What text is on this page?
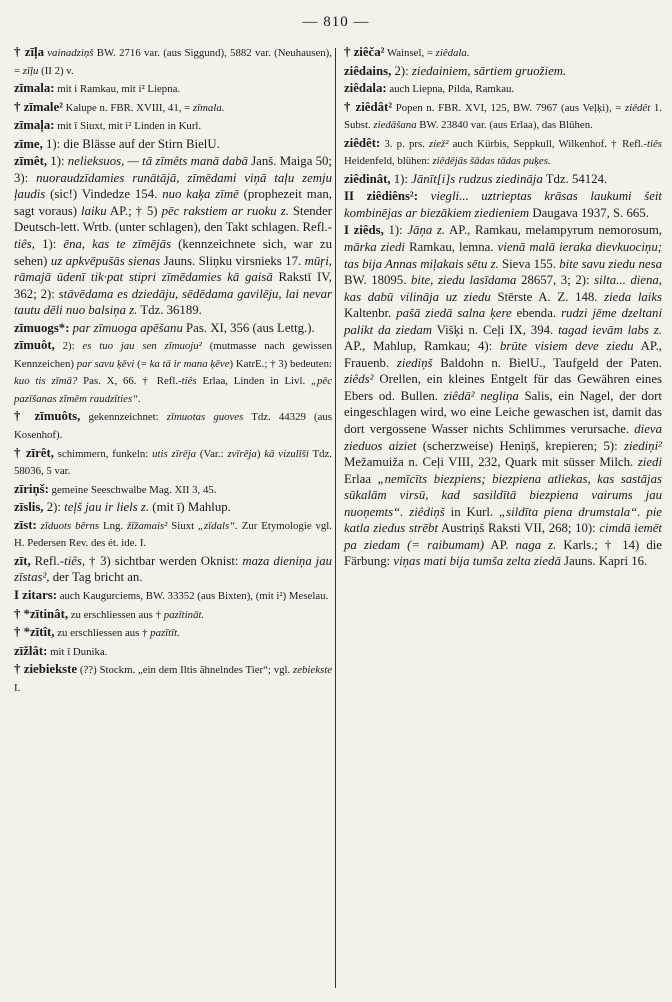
— 810 —

† zīļa vainadziņš BW. 2716 var. (aus Siggund), 5882 var. (Neuhausen), = zīļu (II 2) v.

zīmala: mit i Ramkau, mit i² Liepna.

† zīmale² Kalupe n. FBR. XVIII, 41, = zīmala.

zīmaļa: mit ī Siuxt, mit i² Linden in Kurl.

zīme, 1): die Blässe auf der Stirn BielU.

zīmêt, 1): nelieksuos, — tā zīmêts manā dabā Janš. Maiga 50; 3): nuoraudzīdamies runātājā, zīmēdami viņā taļu zemju ļaudis (sic!) Vindedze 154. nuo kaķa zīmē (prophezeit man, sagt voraus) laiku AP.; † 5) pēc rakstiem ar ruoku z. Stender Deutsch-lett. Wrtb. (unter schlagen), den Takt schlagen. Refl.-tiês, 1): ēna, kas te zīmējās (kennzeichnete sich, war zu sehen) uz apkvēpušās sienas Jauns. Sliņku virsnieks 17. mūŗi, rāmajā ūdenī tik·pat stipri zīmēdamies kā gaisā Rakstī IV, 362; 2): stāvēdama es dziedāju, sēdēdama gavilēju, lai nevar tautu dēli nuo balsiņa z. Tdz. 36189.

zīmuogs*: par zīmuoga apēšanu Pas. XI, 356 (aus Lettg.).

zīmuôt, 2): es tuo jau sen zīmuoju² (mutmasse nach gewissen Kennzeichen) par savu ķēvi (= ka tā ir mana ķēve) KatrE.; † 3) bedeuten: kuo tis zīmā? Pas. X, 66. † Refl.-tiês Erlaa, Linden in Livl. „pēc pazīšanas zīmēm raudzīties“.

† zīmuôts, gekennzeichnet: zīmuotas guoves Tdz. 44329 (aus Kosenhof).

† zīrêt, schimmern, funkeln: utis zīrēja (Var.: zvīrēja) kā vizulīši Tdz. 58036, 5 var.

zīriņš: gemeine Seeschwalbe Mag. XII 3, 45.

zīslis, 2): teļš jau ir liels z. (mit ī) Mahlup.

zīst: zīduots bērns Lng. žīžamais² Siuxt „zīdals“. Zur Etymologie vgl. H. Pedersen Rev. des ét. ide. I.

zīt, Refl.-tiês, † 3) sichtbar werden Oknist: maza dieniņa jau zīstas², der Tag bricht an.

I zitars: auch Kaugurciems, BW. 33352 (aus Bixten), (mit i²) Meselau.

† *zītinât, zu erschliessen aus † pazītināt.

† *zītît, zu erschliessen aus † pazītīt.

zīžlât: mit ī Dunika.

† ziebiekste (??) Stockm. „ein dem Iltis ähnelndes Tier“; vgl. zebiekste I.

† ziêča² Wainsel, = ziêdala.

ziêdains, 2): ziedainiem, sārtiem gruožiem.

ziêdala: auch Liepna, Pilda, Ramkau.

† ziêdât² Popen n. FBR. XVI, 125, BW. 7967 (aus Veļķi), = ziêdêt 1. Subst. ziedāšana BW. 23840 var. (aus Erlaa), das Blühen.

ziêdêt: 3. p. prs. ziež² auch Kürbis, Seppkull, Wilkenhof. † Refl.-tiês Heidenfeld, blühen: ziêdējās šādas tādas puķes.

ziêdinât, 1): Jānīt[i]s rudzus ziedināja Tdz. 54124.

II ziêdiêns²: viegli... uztrieptas krāsas laukumi šeit kombinējas ar biezākiem ziedieniem Daugava 1937, S. 665.

I ziêds, 1): Jāņa z. AP., Ramkau, melampyrum nemorosum, mārka ziedi Ramkau, lemna. vienā malā ieraka dievkuociņu; tas bija Annas miļakais sētu z. Sieva 155. bite savu ziedu nesa BW. 18095. bite, ziedu lasīdama 28657, 3; 2): silta... diena, kas dabū vilināja uz ziedu Stērste A. Z. 148. zieda laiks Kaltenbr. pašā ziedā salna ķere ebenda. rudzi jēme dzeltani palikt da ziedam Višķi n. Ceļi IX, 394. tagad ievām labs z. AP., Mahlup, Ramkau; 4): brūte visiem deve ziedu AP., Frauenb. ziediņš Baldohn n. BielU., Taufgeld der Paten. ziêds² Orellen, ein kleines Entgelt für das Gewähren eines Ebers od. Bullen. ziêdā² negliņa Salis, ein Nagel, der dort eingeschlagen wird, wo eine Leiche gewaschen ist, damit das dort vergossene Wasser nichts Schlimmes verursache. dieva zieduos aiziet (scherzweise) Heniņš, krepieren; 5): ziediņi² Mežamuiža n. Ceļi VIII, 232, Quark mit süsser Milch. ziedi Erlaa „nemīcīts biezpiens; biezpiena atliekas, kas sastājas sūkalām virsū, kad sasildītā biezpiena vairums jau nuoņemts“. ziêdiņš in Kurl. „sildīta piena drumstala“. pie katla ziedus strēbt Austriņš Raksti VII, 268; 10): cimdā iemēt pa ziedam (= raibumam) AP. naga z. Karls.; † 14) die Färbung: viņas mati bija tumša zelta ziedā Jauns. Kapri 16.
